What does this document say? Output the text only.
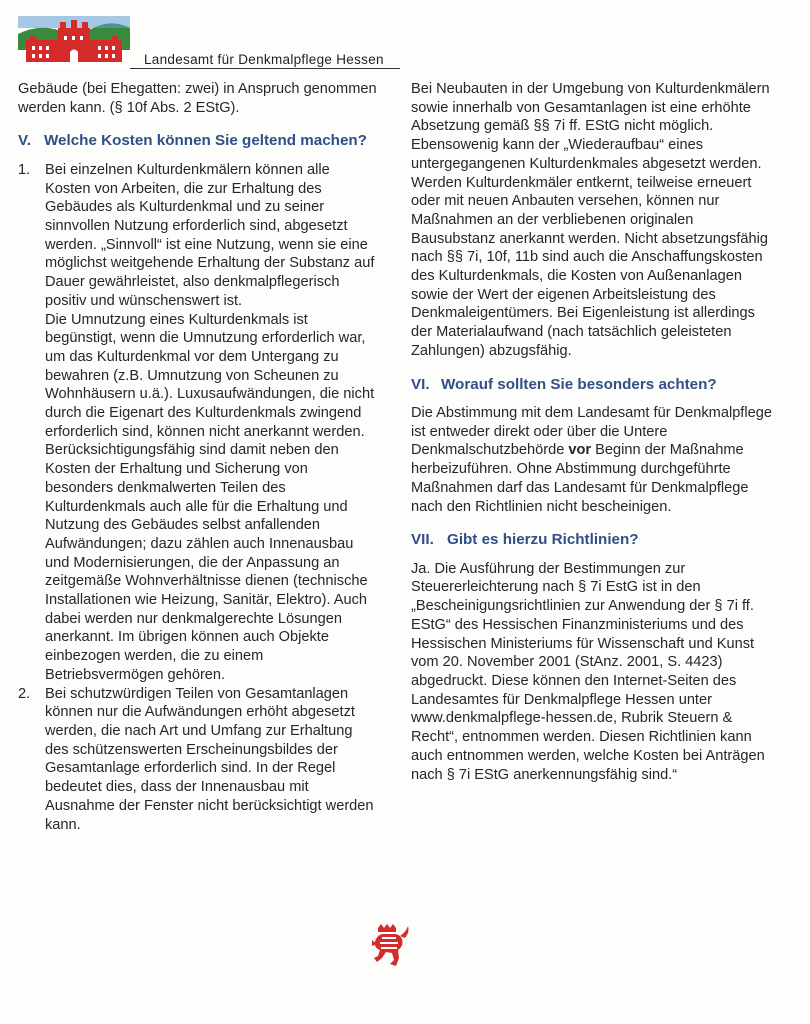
Landesamt für Denkmalpflege Hessen

Gebäude (bei Ehegatten: zwei) in Anspruch genommen werden kann. (§ 10f Abs. 2 EStG).

V. Welche Kosten können Sie geltend machen?
1.	Bei einzelnen Kulturdenkmälern können alle Kosten von Arbeiten, die zur Erhaltung des Gebäudes als Kulturdenkmal und zu seiner sinnvollen Nutzung erforderlich sind, abgesetzt werden. „Sinnvoll“ ist eine Nutzung, wenn sie eine möglichst weitgehende Erhaltung der Substanz auf Dauer gewährleistet, also denkmalpflegerisch positiv und wünschenswert ist.

Die Umnutzung eines Kulturdenkmals ist begünstigt, wenn die Umnutzung erforderlich war, um das Kulturdenkmal vor dem Untergang zu bewahren (z.B. Umnutzung von Scheunen zu Wohnhäusern u.ä.). Luxusaufwändungen, die nicht durch die Eigenart des Kulturdenkmals zwingend erforderlich sind, können nicht anerkannt werden. Berücksichtigungsfähig sind damit neben den Kosten der Erhaltung und Sicherung von besonders denkmalwerten Teilen des Kulturdenkmals auch alle für die Erhaltung und Nutzung des Gebäudes selbst anfallenden Aufwändungen; dazu zählen auch Innenausbau und Modernisierungen, die der Anpassung an zeitgemäße Wohnverhältnisse dienen (technische Installationen wie Heizung, Sanitär, Elektro). Auch dabei werden nur denkmalgerechte Lösungen anerkannt. Im übrigen können auch Objekte einbezogen werden, die zu einem Betriebsvermögen gehören.

2.	Bei schutzwürdigen Teilen von Gesamtanlagen können nur die Aufwändungen erhöht abgesetzt werden, die nach Art und Umfang zur Erhaltung des schützenswerten Erscheinungsbildes der Gesamtanlage erforderlich sind. In der Regel bedeutet dies, dass der Innenausbau mit Ausnahme der Fenster nicht berücksichtigt werden kann.

Bei Neubauten in der Umgebung von Kulturdenkmälern sowie innerhalb von Gesamtanlagen ist eine erhöhte Absetzung gemäß §§ 7i ff. EStG nicht möglich. Ebensowenig kann der „Wiederaufbau“ eines untergegangenen Kulturdenkmales abgesetzt werden.

Werden Kulturdenkmäler entkernt, teilweise erneuert oder mit neuen Anbauten versehen, können nur Maßnahmen an der verbliebenen originalen Bausubstanz anerkannt werden. Nicht absetzungsfähig nach §§ 7i, 10f, 11b sind auch die Anschaffungskosten des Kulturdenkmals, die Kosten von Außenanlagen sowie der Wert der eigenen Arbeitsleistung des Denkmaleigentümers. Bei Eigenleistung ist allerdings der Materialaufwand (nach tatsächlich geleisteten Zahlungen) abzugsfähig.

VI. Worauf sollten Sie besonders achten?

Die Abstimmung mit dem Landesamt für Denkmalpflege ist entweder direkt oder über die Untere Denkmalschutzbehörde vor Beginn der Maßnahme herbeizuführen. Ohne Abstimmung durchgeführte Maßnahmen darf das Landesamt für Denkmalpflege nach den Richtlinien nicht bescheinigen.

VII. Gibt es hierzu Richtlinien?

Ja. Die Ausführung der Bestimmungen zur Steuererleichterung nach § 7i EstG ist in den „Bescheinigungsrichtlinien zur Anwendung der § 7i ff. EStG“ des Hessischen Finanzministeriums und des Hessischen Ministeriums für Wissenschaft und Kunst vom 20. November 2001 (StAnz. 2001, S. 4423) abgedruckt. Diese können den Internet-Seiten des Landesamtes für Denkmalpflege Hessen unter www.denkmalpflege-hessen.de, Rubrik Steuern & Recht“, entnommen werden. Diesen Richtlinien kann auch entnommen werden, welche Kosten bei Anträgen nach § 7i EStG anerkennungsfähig sind.“
